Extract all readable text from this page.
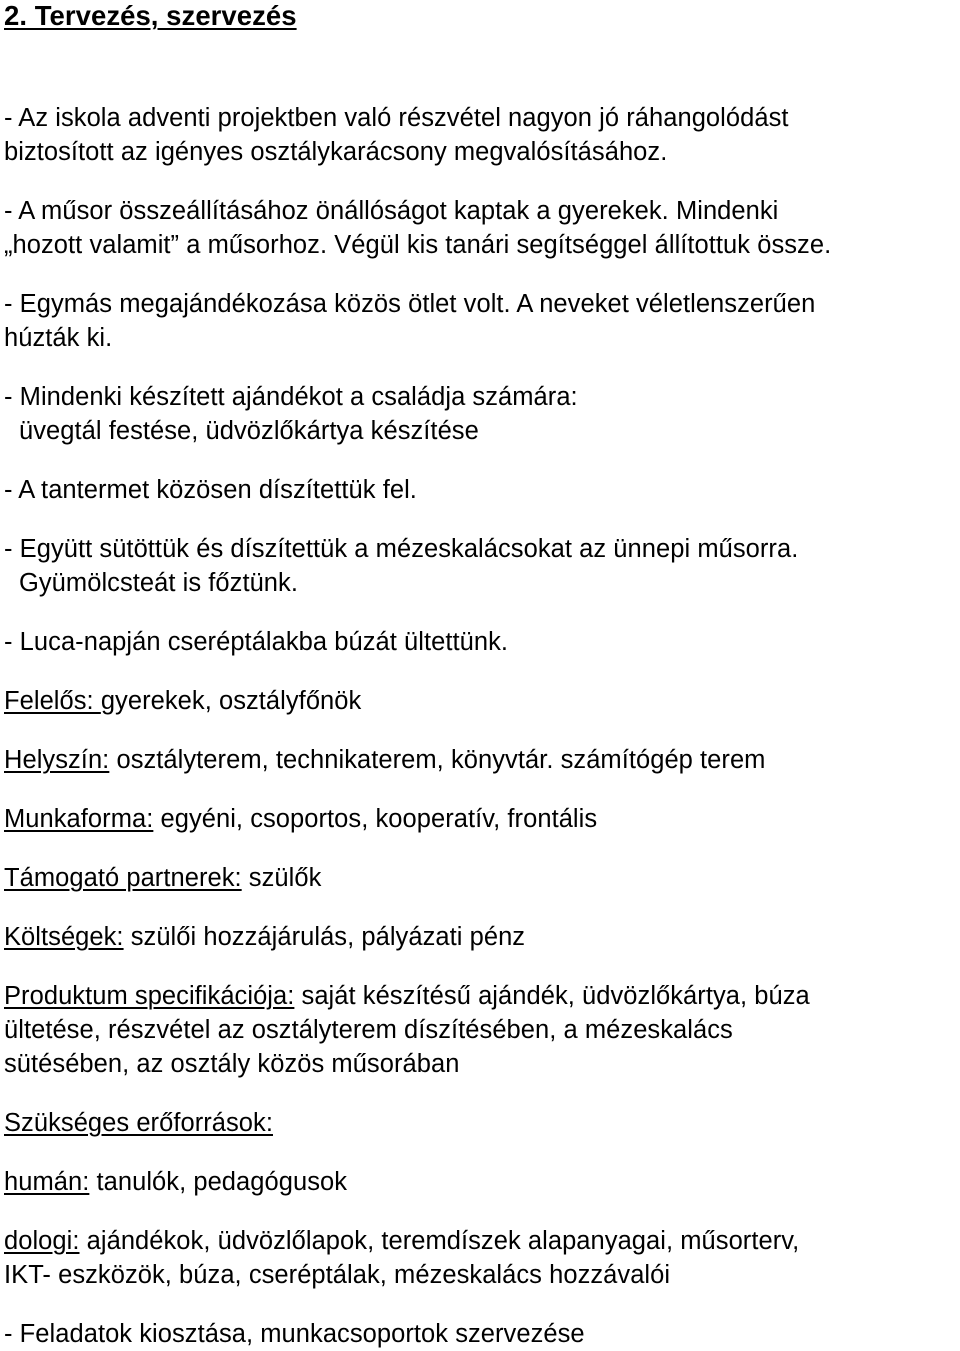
2. Tervezés, szervezés
- Az iskola adventi projektben való részvétel nagyon jó ráhangolódást
biztosított az igényes osztálykarácsony megvalósításához.
- A műsor összeállításához önállóságot kaptak a gyerekek. Mindenki
„hozott valamit” a műsorhoz. Végül kis tanári segítséggel állítottuk össze.
- Egymás megajándékozása közös ötlet volt. A neveket véletlenszerűen
húzták ki.
- Mindenki készített ajándékot a családja számára:
üvegtál festése, üdvözlőkártya készítése
- A tantermet közösen díszítettük fel.
- Együtt sütöttük és díszítettük a mézeskalácsokat az ünnepi műsorra.
Gyümölcsteát is főztünk.
- Luca-napján cseréptálakba búzát ültettünk.
Felelős: gyerekek, osztályfőnök
Helyszín: osztályterem, technikaterem, könyvtár. számítógép terem
Munkaforma: egyéni, csoportos, kooperatív, frontális
Támogató partnerek: szülők
Költségek: szülői hozzájárulás, pályázati pénz
Produktum specifikációja: saját készítésű ajándék, üdvözlőkártya, búza
ültetése, részvétel az osztályterem díszítésében, a mézeskalács
sütésében, az osztály közös műsorában
Szükséges erőforrások:
humán: tanulók, pedagógusok
dologi: ajándékok, üdvözlőlapok, teremdíszek alapanyagai, műsorterv,
IKT- eszközök, búza, cseréptálak, mézeskalács hozzávalói
- Feladatok kiosztása, munkacsoportok szervezése
